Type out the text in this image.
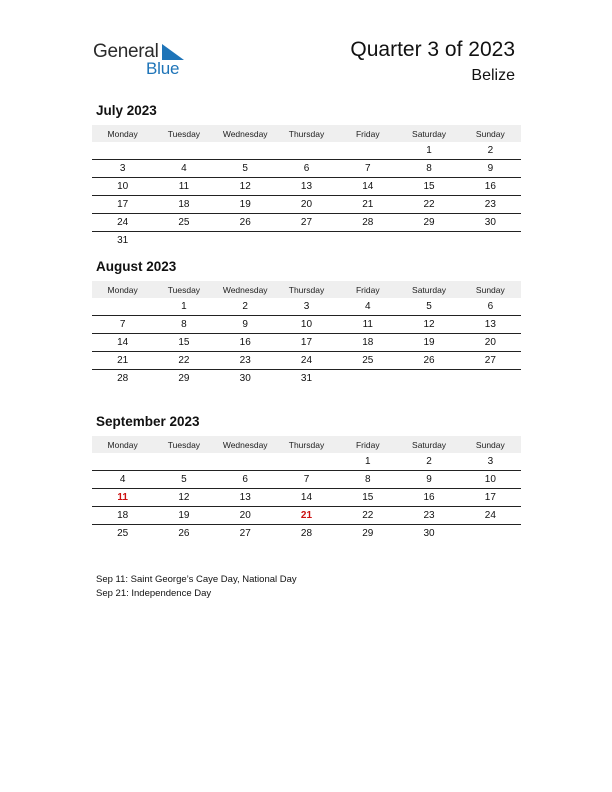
General
Blue
Quarter 3 of 2023
Belize
July 2023
Monday	Tuesday	Wednesday	Thursday	Friday	Saturday	Sunday
					1	2
3	4	5	6	7	8	9
10	11	12	13	14	15	16
17	18	19	20	21	22	23
24	25	26	27	28	29	30
31						
August 2023
Monday	Tuesday	Wednesday	Thursday	Friday	Saturday	Sunday
	1	2	3	4	5	6
7	8	9	10	11	12	13
14	15	16	17	18	19	20
21	22	23	24	25	26	27
28	29	30	31			
September 2023
Monday	Tuesday	Wednesday	Thursday	Friday	Saturday	Sunday
				1	2	3
4	5	6	7	8	9	10
11	12	13	14	15	16	17
18	19	20	21	22	23	24
25	26	27	28	29	30	
Sep 11: Saint George’s Caye Day, National Day
Sep 21: Independence Day
